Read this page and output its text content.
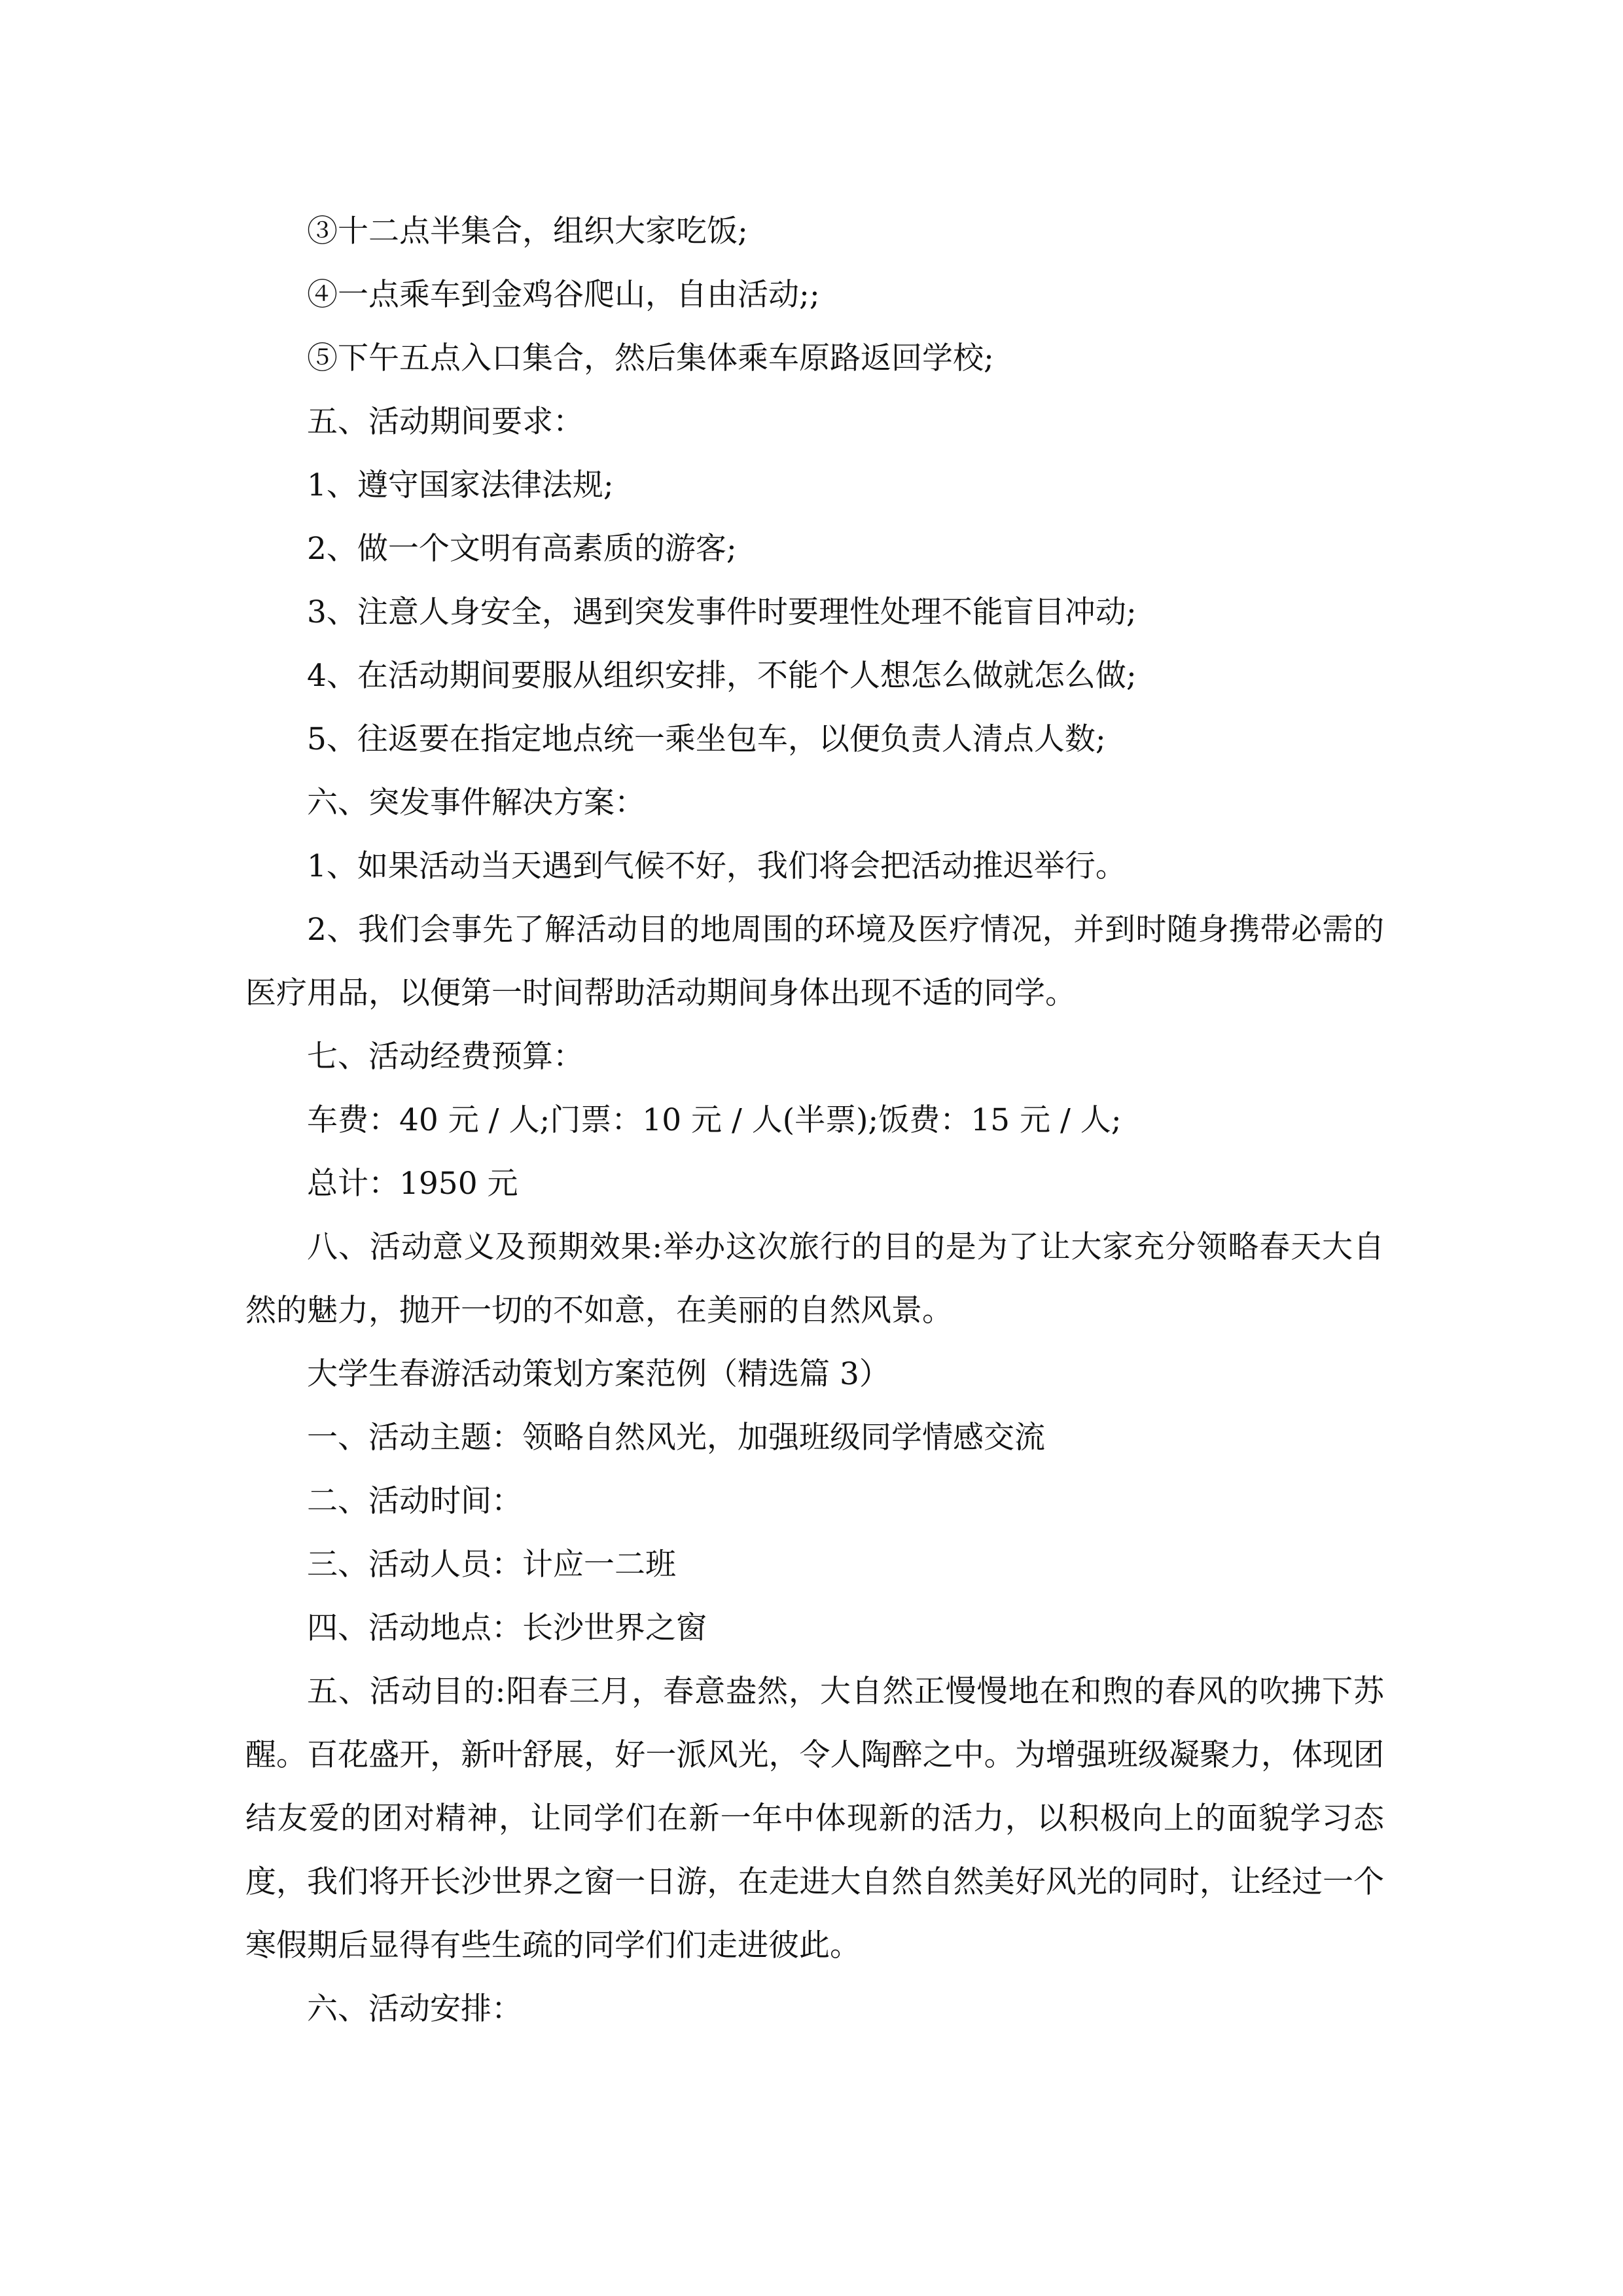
③十二点半集合，组织大家吃饭;

④一点乘车到金鸡谷爬山，自由活动;;

⑤下午五点入口集合，然后集体乘车原路返回学校;

五、活动期间要求：

1、遵守国家法律法规;

2、做一个文明有高素质的游客;

3、注意人身安全，遇到突发事件时要理性处理不能盲目冲动;

4、在活动期间要服从组织安排，不能个人想怎么做就怎么做;

5、往返要在指定地点统一乘坐包车，以便负责人清点人数;

六、突发事件解决方案：

1、如果活动当天遇到气候不好，我们将会把活动推迟举行。

2、我们会事先了解活动目的地周围的环境及医疗情况，并到时随身携带必需的医疗用品，以便第一时间帮助活动期间身体出现不适的同学。

七、活动经费预算：

车费：40 元 / 人;门票：10 元 / 人(半票);饭费：15 元 / 人;

总计：1950 元

八、活动意义及预期效果:举办这次旅行的目的是为了让大家充分领略春天大自然的魅力，抛开一切的不如意，在美丽的自然风景。

大学生春游活动策划方案范例（精选篇 3）

一、活动主题：领略自然风光，加强班级同学情感交流

二、活动时间：

三、活动人员：计应一二班

四、活动地点：长沙世界之窗

五、活动目的:阳春三月，春意盎然，大自然正慢慢地在和煦的春风的吹拂下苏醒。百花盛开，新叶舒展，好一派风光，令人陶醉之中。为增强班级凝聚力，体现团结友爱的团对精神，让同学们在新一年中体现新的活力，以积极向上的面貌学习态度，我们将开长沙世界之窗一日游，在走进大自然自然美好风光的同时，让经过一个寒假期后显得有些生疏的同学们们走进彼此。

六、活动安排：
